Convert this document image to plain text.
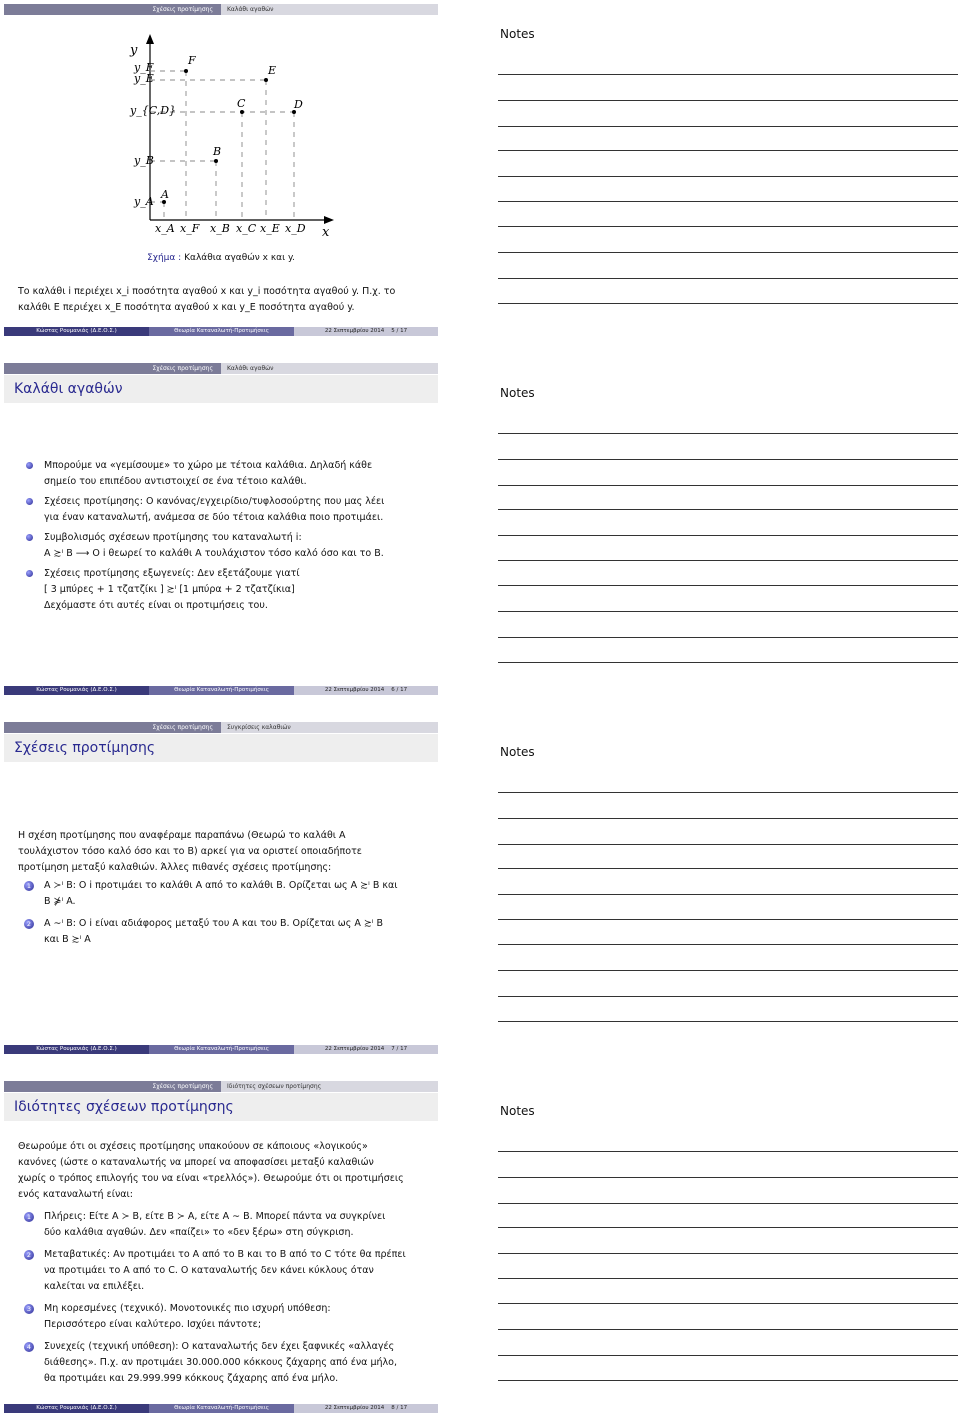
Σχέσεις προτίμησης	Καλάθι αγαθών
F
E
C	D
B
A
y
x
y_F
y_E
y_{C,D}
y_B
y_A
x_A x_F x_B x_C x_E x_D
Σχήμα : Καλάθια αγαθών x και y.
Το καλάθι i περιέχει x_i ποσότητα αγαθού x και y_i ποσότητα αγαθού y. Π.χ. το
καλάθι E περιέχει x_E ποσότητα αγαθού x και y_E ποσότητα αγαθού y.
Κώστας Ρουμανιάς (Δ.Ε.Ο.Σ.)	Θεωρία Καταναλωτή-Προτιμήσεις	22 Σεπτεμβρίου 2014 5 / 17
Notes
Σχέσεις προτίμησης	Καλάθι αγαθών
Καλάθι αγαθών
Μπορούμε να «γεμίσουμε» το χώρο με τέτοια καλάθια. Δηλαδή κάθε
σημείο του επιπέδου αντιστοιχεί σε ένα τέτοιο καλάθι.
Σχέσεις προτίμησης: Ο κανόνας/εγχειρίδιο/τυφλοσούρτης που μας λέει
για έναν καταναλωτή, ανάμεσα σε δύο τέτοια καλάθια ποιο προτιμάει.
Συμβολισμός σχέσεων προτίμησης του καταναλωτή i:
A ≿ⁱ B ⟶ O i θεωρεί το καλάθι A τουλάχιστον τόσο καλό όσο και το B.
Σχέσεις προτίμησης εξωγενείς: Δεν εξετάζουμε γιατί
[ 3 μπύρες + 1 τζατζίκι ] ≿ⁱ [1 μπύρα + 2 τζατζίκια]
Δεχόμαστε ότι αυτές είναι οι προτιμήσεις του.
Κώστας Ρουμανιάς (Δ.Ε.Ο.Σ.)	Θεωρία Καταναλωτή-Προτιμήσεις	22 Σεπτεμβρίου 2014 6 / 17
Notes
Σχέσεις προτίμησης	Συγκρίσεις καλαθιών
Σχέσεις προτίμησης
Η σχέση προτίμησης που αναφέραμε παραπάνω (Θεωρώ το καλάθι A
τουλάχιστον τόσο καλό όσο και το B) αρκεί για να οριστεί οποιαδήποτε
προτίμηση μεταξύ καλαθιών. Άλλες πιθανές σχέσεις προτίμησης:
1	A ≻ⁱ B: O i προτιμάει το καλάθι A από το καλάθι B. Ορίζεται ως A ≿ⁱ B και
B ⋡ⁱ A.
2	A ∼ⁱ B: O i είναι αδιάφορος μεταξύ του A και του B. Ορίζεται ως A ≿ⁱ B
και B ≿ⁱ A
Κώστας Ρουμανιάς (Δ.Ε.Ο.Σ.)	Θεωρία Καταναλωτή-Προτιμήσεις	22 Σεπτεμβρίου 2014 7 / 17
Notes
Σχέσεις προτίμησης	Ιδιότητες σχέσεων προτίμησης
Ιδιότητες σχέσεων προτίμησης
Θεωρούμε ότι οι σχέσεις προτίμησης υπακούουν σε κάποιους «λογικούς»
κανόνες (ώστε ο καταναλωτής να μπορεί να αποφασίσει μεταξύ καλαθιών
χωρίς ο τρόπος επιλογής του να είναι «τρελλός»). Θεωρούμε ότι οι προτιμήσεις
ενός καταναλωτή είναι:
1	Πλήρεις: Είτε A ≻ B, είτε B ≻ A, είτε A ∼ B. Μπορεί πάντα να συγκρίνει
δύο καλάθια αγαθών. Δεν «παίζει» το «δεν ξέρω» στη σύγκριση.
2	Μεταβατικές: Αν προτιμάει το A από το B και το B από το C τότε θα πρέπει
να προτιμάει το A από το C. Ο καταναλωτής δεν κάνει κύκλους όταν
καλείται να επιλέξει.
3	Μη κορεσμένες (τεχνικό). Μονοτονικές πιο ισχυρή υπόθεση:
Περισσότερο είναι καλύτερο. Ισχύει πάντοτε;
4	Συνεχείς (τεχνική υπόθεση): Ο καταναλωτής δεν έχει ξαφνικές «αλλαγές
διάθεσης». Π.χ. αν προτιμάει 30.000.000 κόκκους ζάχαρης από ένα μήλο,
θα προτιμάει και 29.999.999 κόκκους ζάχαρης από ένα μήλο.
Κώστας Ρουμανιάς (Δ.Ε.Ο.Σ.)	Θεωρία Καταναλωτή-Προτιμήσεις	22 Σεπτεμβρίου 2014 8 / 17
Notes
